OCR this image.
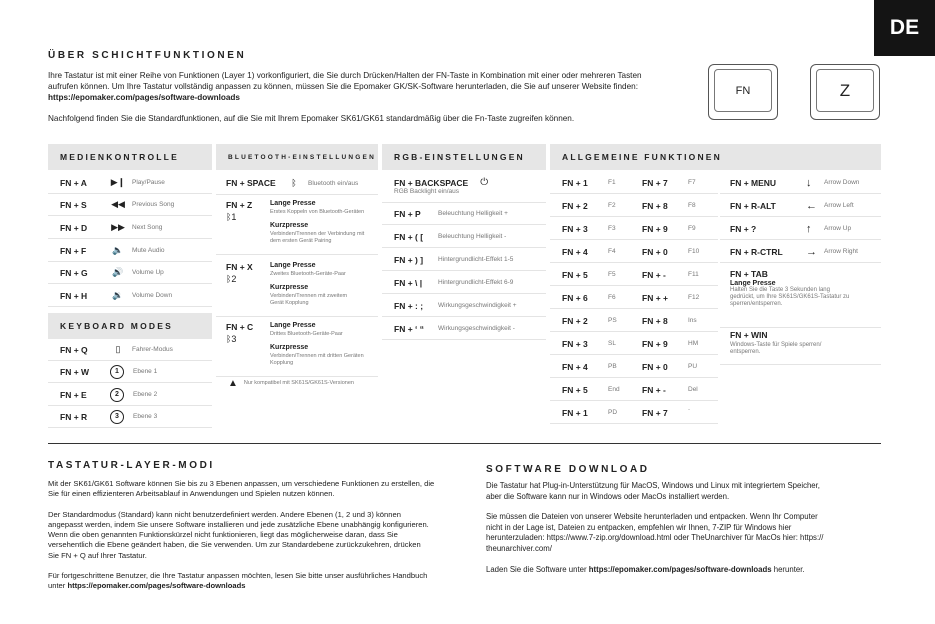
DE
ÜBER SCHICHTFUNKTIONEN
Ihre Tastatur ist mit einer Reihe von Funktionen (Layer 1) vorkonfiguriert, die Sie durch Drücken/Halten der FN-Taste in Kombination mit einer oder mehreren Tasten
aufrufen können. Um Ihre Tastatur vollständig anpassen zu können, müssen Sie die Epomaker GK/SK-Software herunterladen, die Sie auf unserer Website finden:
https://epomaker.com/pages/software-downloads
Nachfolgend finden Sie die Standardfunktionen, auf die Sie mit Ihrem Epomaker SK61/GK61 standardmäßig über die Fn-Taste zugreifen können.
FN	Z
MEDIENKONTROLLE	BLUETOOTH-EINSTELLUNGEN	RGB-EINSTELLUNGEN	ALLGEMEINE FUNKTIONEN
FN + A	▶❙ Play/Pause
FN + S	◀◀ Previous Song
FN + D	▶▶ Next Song
FN + F	🔈	Mute Audio
FN + G	🔊	Volume Up
FN + H	🔉	Volume Down
KEYBOARD MODES
FN + Q	▯	Fahrer-Modus
FN + W	1	Ebene 1
FN + E	2	Ebene 2
FN + R	3	Ebene 3
FN + SPACE	ᛒ	Bluetooth ein/aus
FN + Z
ᛒ1
Lange Presse
Erstes Koppeln von Bluetooth-Geräten
Kurzpresse
Verbinden/Trennen der Verbindung mit
dem ersten Gerät Pairing
FN + X
ᛒ2
Lange Presse
Zweites Bluetooth-Geräte-Paar
Kurzpresse
Verbinden/Trennen mit zweitem
Gerät Kopplung
FN + C
ᛒ3
Lange Presse
Drittes Bluetooth-Geräte-Paar
Kurzpresse
Verbinden/Trennen mit dritten Geräten
Kopplung
▲ Nur kompatibel mit SK61S/GK61S-Versionen
FN + BACKSPACE ⏻
RGB Backlight ein/aus
FN + P	Beleuchtung Helligkeit +
FN + ( [	Beleuchtung Helligkeit -
FN + ) ]	Hintergrundlicht-Effekt 1-5
FN + \ |	Hintergrundlicht-Effekt 6-9
FN + : ;	Wirkungsgeschwindigkeit +
FN + ‘ “	Wirkungsgeschwindigkeit -
FN + 1	F1	FN + 7	F7
FN + 2	F2	FN + 8	F8
FN + 3	F3	FN + 9	F9
FN + 4	F4	FN + 0	F10
FN + 5	F5	FN + -	F11
FN + 6	F6	FN + +	F12
FN + 2	PS	FN + 8	Ins
FN + 3	SL	FN + 9	HM
FN + 4	PB	FN + 0	PU
FN + 5	End	FN + -	Del
FN + 1	PD	FN + 7	`
FN + MENU	↓	Arrow Down
FN + R-ALT	←	Arrow Left
FN + ?	↑	Arrow Up
FN + R-CTRL	→	Arrow Right
FN + TAB
Lange Presse
Halten Sie die Taste 3 Sekunden lang
gedrückt, um Ihre SK61S/GK61S-Tastatur zu
sperren/entsperren.
FN + WIN
Windows-Taste für Spiele sperren/
entsperren.
TASTATUR-LAYER-MODI
Mit der SK61/GK61 Software können Sie bis zu 3 Ebenen anpassen, um verschiedene Funktionen zu erstellen, die
Sie für einen effizienteren Arbeitsablauf in Anwendungen und Spielen nutzen können.
Der Standardmodus (Standard) kann nicht benutzerdefiniert werden. Andere Ebenen (1, 2 und 3) können
angepasst werden, indem Sie unsere Software installieren und jede zusätzliche Ebene unabhängig konfigurieren.
Wenn die oben genannten Funktionskürzel nicht funktionieren, liegt das möglicherweise daran, dass Sie
versehentlich die Ebene geändert haben, die Sie verwenden. Um zur Standardebene zurückzukehren, drücken
Sie FN + Q auf Ihrer Tastatur.
Für fortgeschrittene Benutzer, die Ihre Tastatur anpassen möchten, lesen Sie bitte unser ausführliches Handbuch
unter https://epomaker.com/pages/software-downloads
SOFTWARE DOWNLOAD
Die Tastatur hat Plug-in-Unterstützung für MacOS, Windows und Linux mit integriertem Speicher,
aber die Software kann nur in Windows oder MacOs installiert werden.
Sie müssen die Dateien von unserer Website herunterladen und entpacken. Wenn Ihr Computer
nicht in der Lage ist, Dateien zu entpacken, empfehlen wir Ihnen, 7-ZIP für Windows hier
herunterzuladen: https://www.7-zip.org/download.html oder TheUnarchiver für MacOs hier: https://
theunarchiver.com/
Laden Sie die Software unter https://epomaker.com/pages/software-downloads herunter.
